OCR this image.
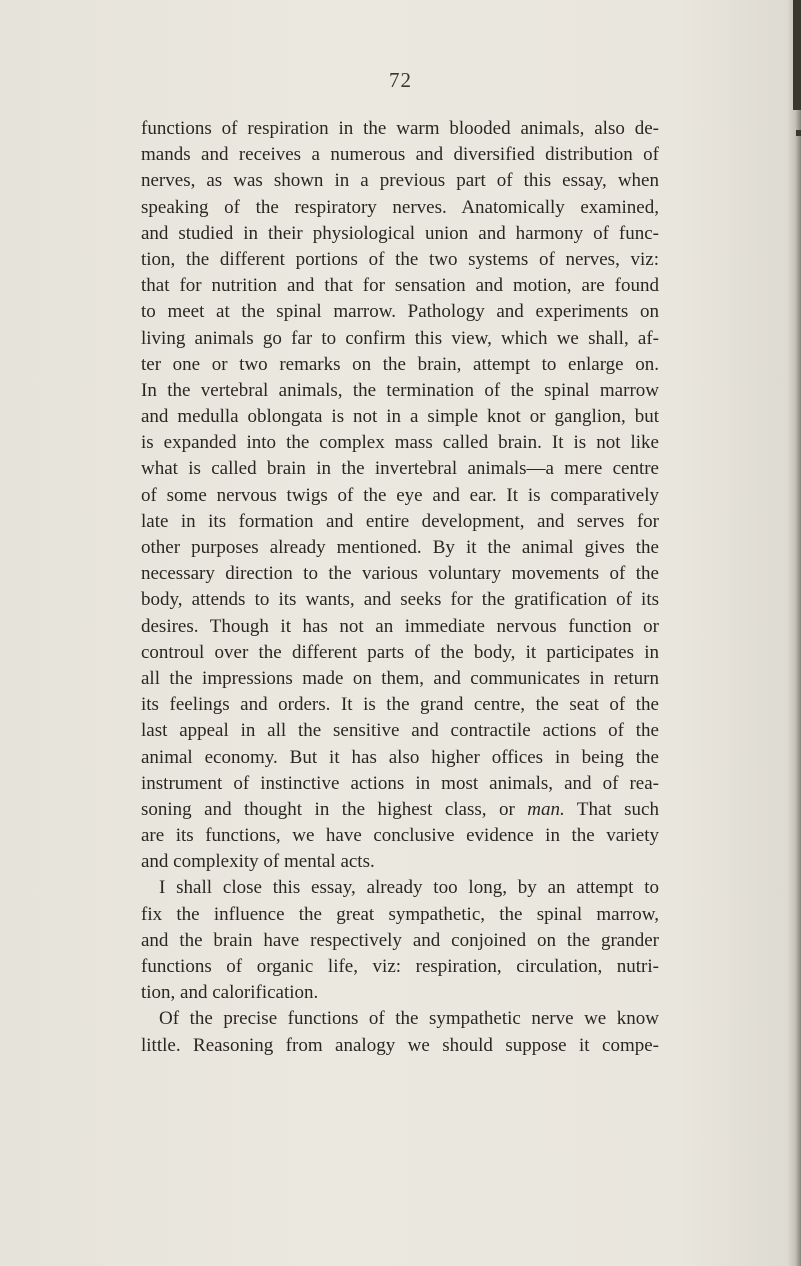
72
functions of respiration in the warm blooded animals, also de-
mands and receives a numerous and diversified distribution of
nerves, as was shown in a previous part of this essay, when
speaking of the respiratory nerves. Anatomically examined,
and studied in their physiological union and harmony of func-
tion, the different portions of the two systems of nerves, viz:
that for nutrition and that for sensation and motion, are found
to meet at the spinal marrow. Pathology and experiments on
living animals go far to confirm this view, which we shall, af-
ter one or two remarks on the brain, attempt to enlarge on.
In the vertebral animals, the termination of the spinal marrow
and medulla oblongata is not in a simple knot or ganglion, but
is expanded into the complex mass called brain. It is not like
what is called brain in the invertebral animals—a mere centre
of some nervous twigs of the eye and ear. It is comparatively
late in its formation and entire development, and serves for
other purposes already mentioned. By it the animal gives the
necessary direction to the various voluntary movements of the
body, attends to its wants, and seeks for the gratification of its
desires. Though it has not an immediate nervous function or
controul over the different parts of the body, it participates in
all the impressions made on them, and communicates in return
its feelings and orders. It is the grand centre, the seat of the
last appeal in all the sensitive and contractile actions of the
animal economy. But it has also higher offices in being the
instrument of instinctive actions in most animals, and of rea-
soning and thought in the highest class, or man. That such
are its functions, we have conclusive evidence in the variety
and complexity of mental acts.
I shall close this essay, already too long, by an attempt to
fix the influence the great sympathetic, the spinal marrow,
and the brain have respectively and conjoined on the grander
functions of organic life, viz: respiration, circulation, nutri-
tion, and calorification.
Of the precise functions of the sympathetic nerve we know
little. Reasoning from analogy we should suppose it compe-
